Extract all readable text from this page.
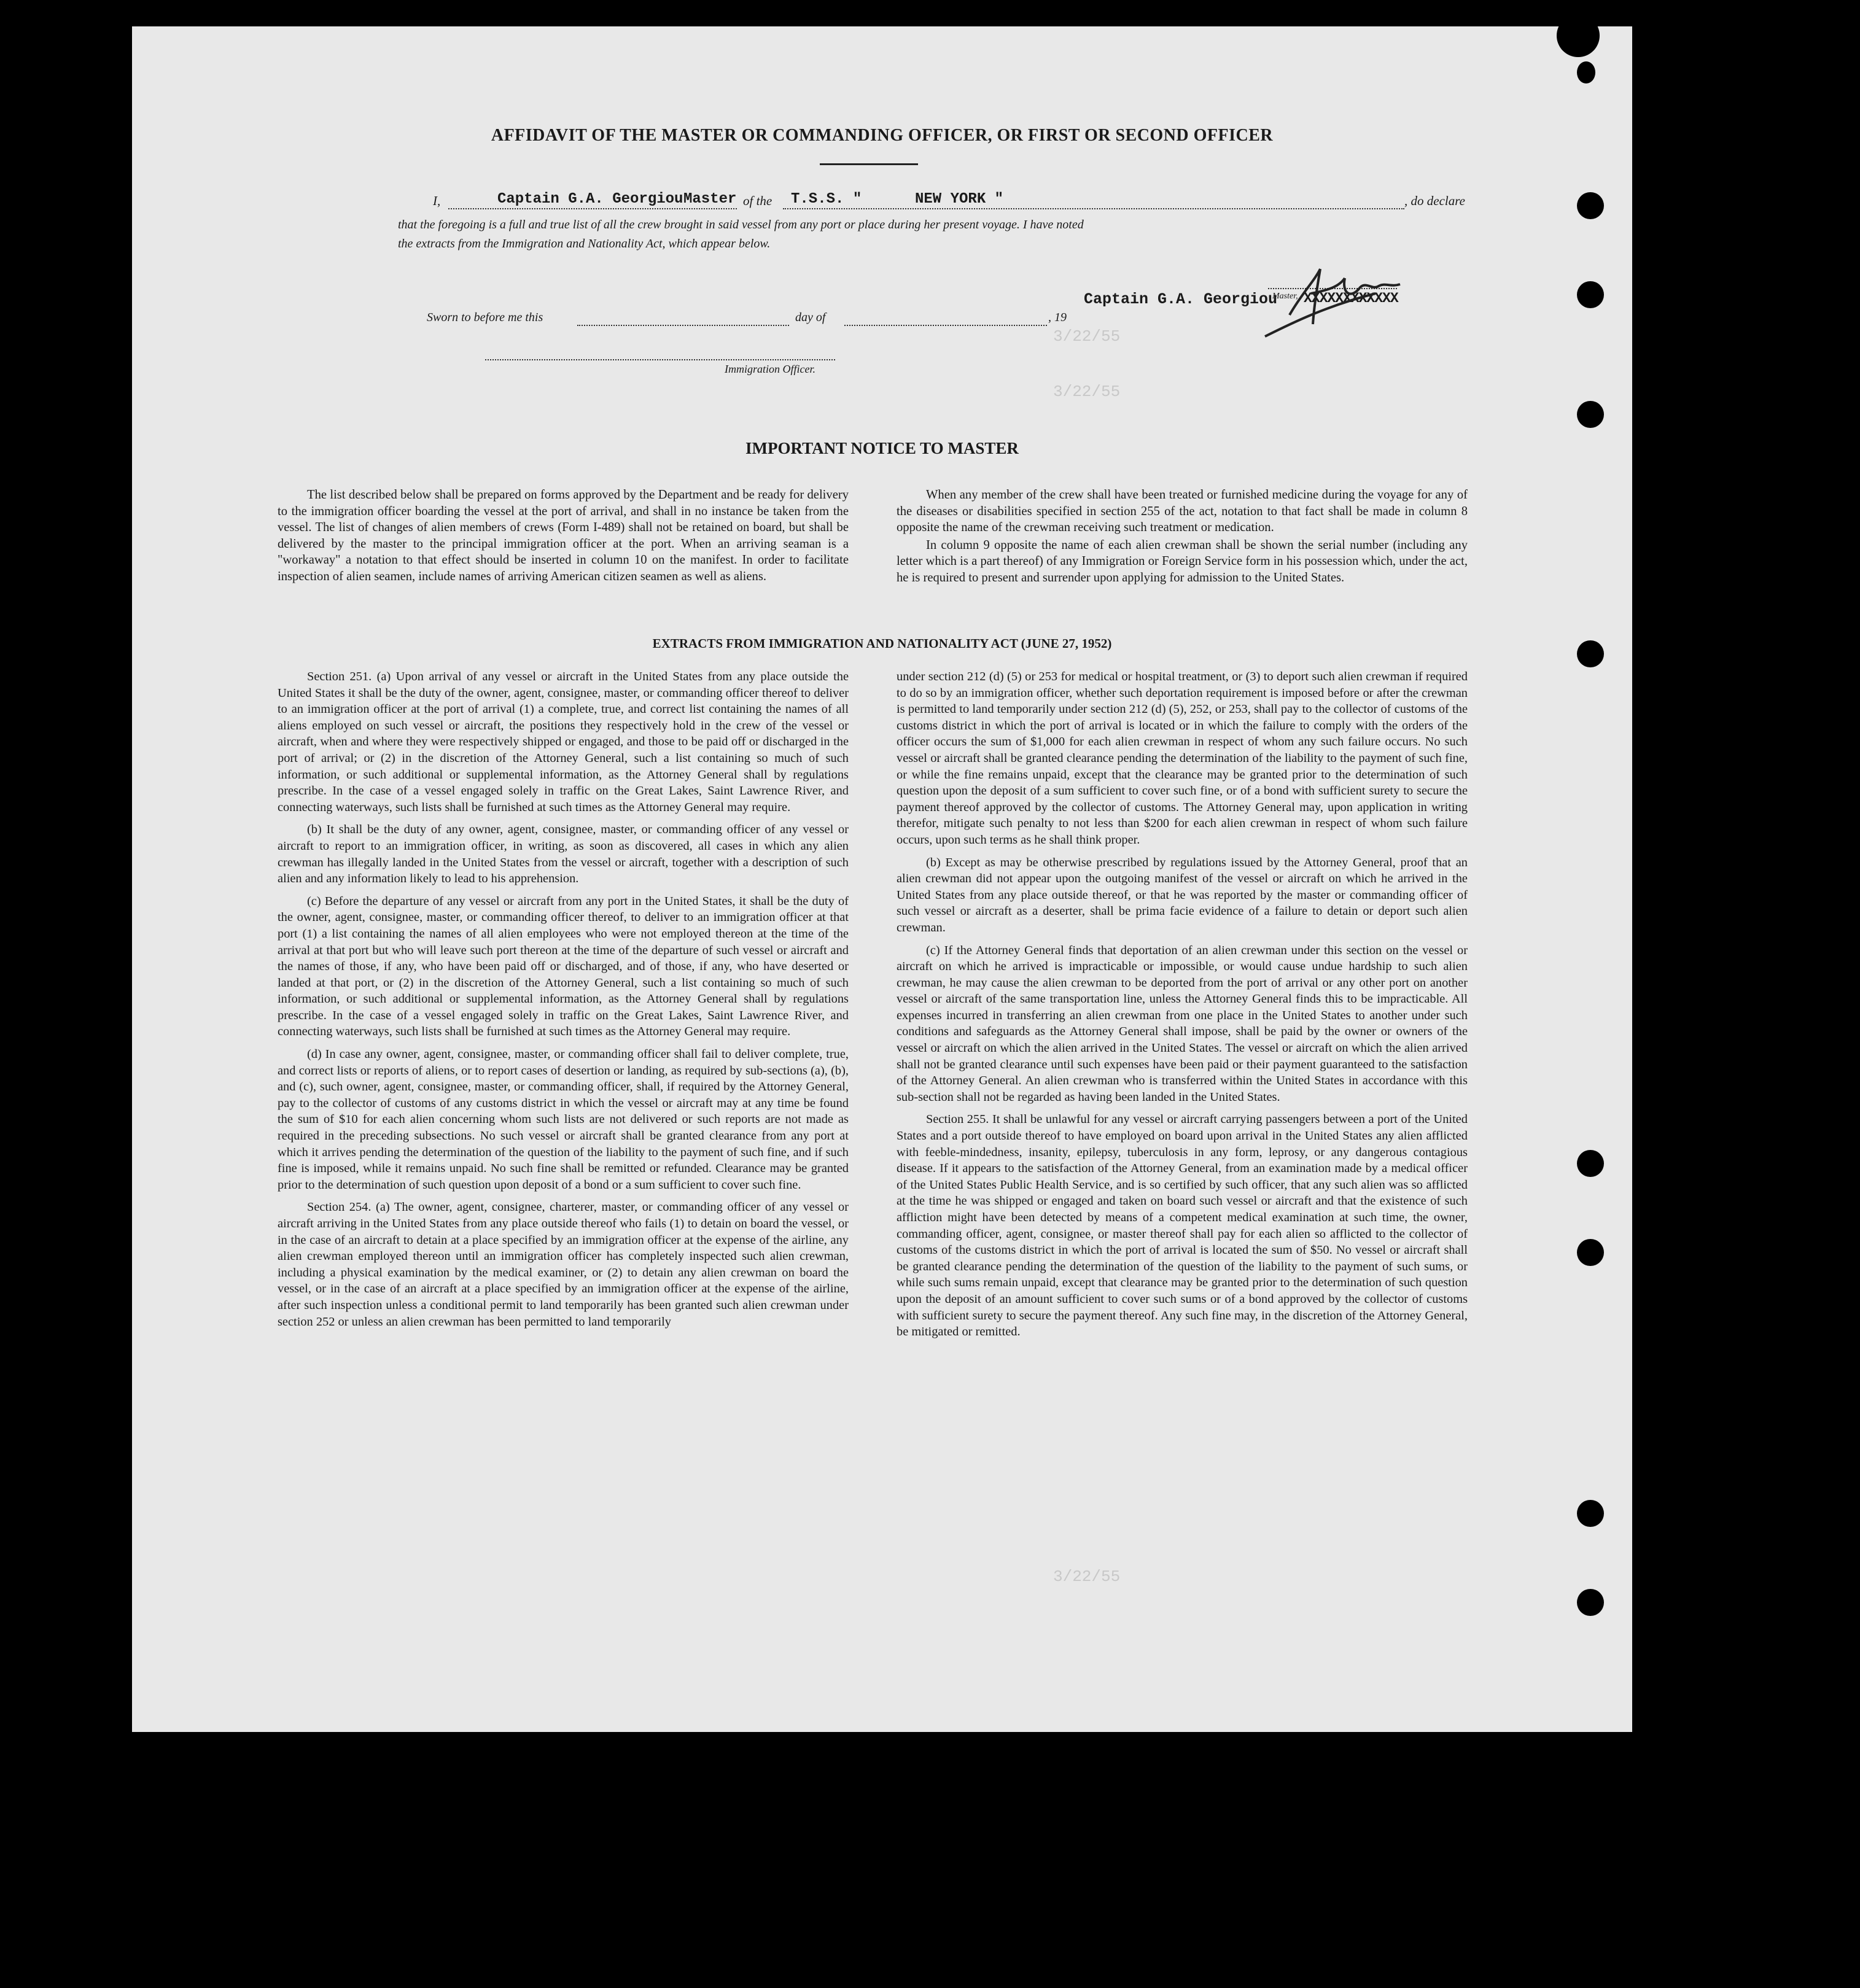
3/22/55
3/22/55
3/22/55
AFFIDAVIT OF THE MASTER OR COMMANDING OFFICER, OR FIRST OR SECOND OFFICER
I,	Captain G.A. Georgiou Master of the T.S.S. "	NEW YORK "	, do declare
that the foregoing is a full and true list of all the crew brought in said vessel from any port or place during her present voyage. I have noted
the extracts from the Immigration and Nationality Act, which appear below.
Sworn to before me this	day of	, 19
Captain G.A. Georgiou
Master, XXXXXXXXXXXX
Immigration Officer.
IMPORTANT NOTICE TO MASTER

The list described below shall be prepared on forms approved by the Department and be ready for delivery to the immigration officer boarding the vessel at the port of arrival, and shall in no instance be taken from the vessel. The list of changes of alien members of crews (Form I-489) shall not be retained on board, but shall be delivered by the master to the principal immigration officer at the port. When an arriving seaman is a "workaway" a notation to that effect should be inserted in column 10 on the manifest. In order to facilitate inspection of alien seamen, include names of arriving American citizen seamen as well as aliens.

When any member of the crew shall have been treated or furnished medicine during the voyage for any of the diseases or disabilities specified in section 255 of the act, notation to that fact shall be made in column 8 opposite the name of the crewman receiving such treatment or medication.

In column 9 opposite the name of each alien crewman shall be shown the serial number (including any letter which is a part thereof) of any Immigration or Foreign Service form in his possession which, under the act, he is required to present and surrender upon applying for admission to the United States.

EXTRACTS FROM IMMIGRATION AND NATIONALITY ACT (JUNE 27, 1952)

Section 251. (a) Upon arrival of any vessel or aircraft in the United States from any place outside the United States it shall be the duty of the owner, agent, consignee, master, or commanding officer thereof to deliver to an immigration officer at the port of arrival (1) a complete, true, and correct list containing the names of all aliens employed on such vessel or aircraft, the positions they respectively hold in the crew of the vessel or aircraft, when and where they were respectively shipped or engaged, and those to be paid off or discharged in the port of arrival; or (2) in the discretion of the Attorney General, such a list containing so much of such information, or such additional or supplemental information, as the Attorney General shall by regulations prescribe. In the case of a vessel engaged solely in traffic on the Great Lakes, Saint Lawrence River, and connecting waterways, such lists shall be furnished at such times as the Attorney General may require.

(b) It shall be the duty of any owner, agent, consignee, master, or commanding officer of any vessel or aircraft to report to an immigration officer, in writing, as soon as discovered, all cases in which any alien crewman has illegally landed in the United States from the vessel or aircraft, together with a description of such alien and any information likely to lead to his apprehension.

(c) Before the departure of any vessel or aircraft from any port in the United States, it shall be the duty of the owner, agent, consignee, master, or commanding officer thereof, to deliver to an immigration officer at that port (1) a list containing the names of all alien employees who were not employed thereon at the time of the arrival at that port but who will leave such port thereon at the time of the departure of such vessel or aircraft and the names of those, if any, who have been paid off or discharged, and of those, if any, who have deserted or landed at that port, or (2) in the discretion of the Attorney General, such a list containing so much of such information, or such additional or supplemental information, as the Attorney General shall by regulations prescribe. In the case of a vessel engaged solely in traffic on the Great Lakes, Saint Lawrence River, and connecting waterways, such lists shall be furnished at such times as the Attorney General may require.

(d) In case any owner, agent, consignee, master, or commanding officer shall fail to deliver complete, true, and correct lists or reports of aliens, or to report cases of desertion or landing, as required by sub-sections (a), (b), and (c), such owner, agent, consignee, master, or commanding officer, shall, if required by the Attorney General, pay to the collector of customs of any customs district in which the vessel or aircraft may at any time be found the sum of $10 for each alien concerning whom such lists are not delivered or such reports are not made as required in the preceding subsections. No such vessel or aircraft shall be granted clearance from any port at which it arrives pending the determination of the question of the liability to the payment of such fine, and if such fine is imposed, while it remains unpaid. No such fine shall be remitted or refunded. Clearance may be granted prior to the determination of such question upon deposit of a bond or a sum sufficient to cover such fine.

Section 254. (a) The owner, agent, consignee, charterer, master, or commanding officer of any vessel or aircraft arriving in the United States from any place outside thereof who fails (1) to detain on board the vessel, or in the case of an aircraft to detain at a place specified by an immigration officer at the expense of the airline, any alien crewman employed thereon until an immigration officer has completely inspected such alien crewman, including a physical examination by the medical examiner, or (2) to detain any alien crewman on board the vessel, or in the case of an aircraft at a place specified by an immigration officer at the expense of the airline, after such inspection unless a conditional permit to land temporarily has been granted such alien crewman under section 252 or unless an alien crewman has been permitted to land temporarily

under section 212 (d) (5) or 253 for medical or hospital treatment, or (3) to deport such alien crewman if required to do so by an immigration officer, whether such deportation requirement is imposed before or after the crewman is permitted to land temporarily under section 212 (d) (5), 252, or 253, shall pay to the collector of customs of the customs district in which the port of arrival is located or in which the failure to comply with the orders of the officer occurs the sum of $1,000 for each alien crewman in respect of whom any such failure occurs. No such vessel or aircraft shall be granted clearance pending the determination of the liability to the payment of such fine, or while the fine remains unpaid, except that the clearance may be granted prior to the determination of such question upon the deposit of a sum sufficient to cover such fine, or of a bond with sufficient surety to secure the payment thereof approved by the collector of customs. The Attorney General may, upon application in writing therefor, mitigate such penalty to not less than $200 for each alien crewman in respect of whom such failure occurs, upon such terms as he shall think proper.

(b) Except as may be otherwise prescribed by regulations issued by the Attorney General, proof that an alien crewman did not appear upon the outgoing manifest of the vessel or aircraft on which he arrived in the United States from any place outside thereof, or that he was reported by the master or commanding officer of such vessel or aircraft as a deserter, shall be prima facie evidence of a failure to detain or deport such alien crewman.

(c) If the Attorney General finds that deportation of an alien crewman under this section on the vessel or aircraft on which he arrived is impracticable or impossible, or would cause undue hardship to such alien crewman, he may cause the alien crewman to be deported from the port of arrival or any other port on another vessel or aircraft of the same transportation line, unless the Attorney General finds this to be impracticable. All expenses incurred in transferring an alien crewman from one place in the United States to another under such conditions and safeguards as the Attorney General shall impose, shall be paid by the owner or owners of the vessel or aircraft on which the alien arrived in the United States. The vessel or aircraft on which the alien arrived shall not be granted clearance until such expenses have been paid or their payment guaranteed to the satisfaction of the Attorney General. An alien crewman who is transferred within the United States in accordance with this sub-section shall not be regarded as having been landed in the United States.

Section 255. It shall be unlawful for any vessel or aircraft carrying passengers between a port of the United States and a port outside thereof to have employed on board upon arrival in the United States any alien afflicted with feeble-mindedness, insanity, epilepsy, tuberculosis in any form, leprosy, or any dangerous contagious disease. If it appears to the satisfaction of the Attorney General, from an examination made by a medical officer of the United States Public Health Service, and is so certified by such officer, that any such alien was so afflicted at the time he was shipped or engaged and taken on board such vessel or aircraft and that the existence of such affliction might have been detected by means of a competent medical examination at such time, the owner, commanding officer, agent, consignee, or master thereof shall pay for each alien so afflicted to the collector of customs of the customs district in which the port of arrival is located the sum of $50. No vessel or aircraft shall be granted clearance pending the determination of the question of the liability to the payment of such sums, or while such sums remain unpaid, except that clearance may be granted prior to the determination of such question upon the deposit of an amount sufficient to cover such sums or of a bond approved by the collector of customs with sufficient surety to secure the payment thereof. Any such fine may, in the discretion of the Attorney General, be mitigated or remitted.
